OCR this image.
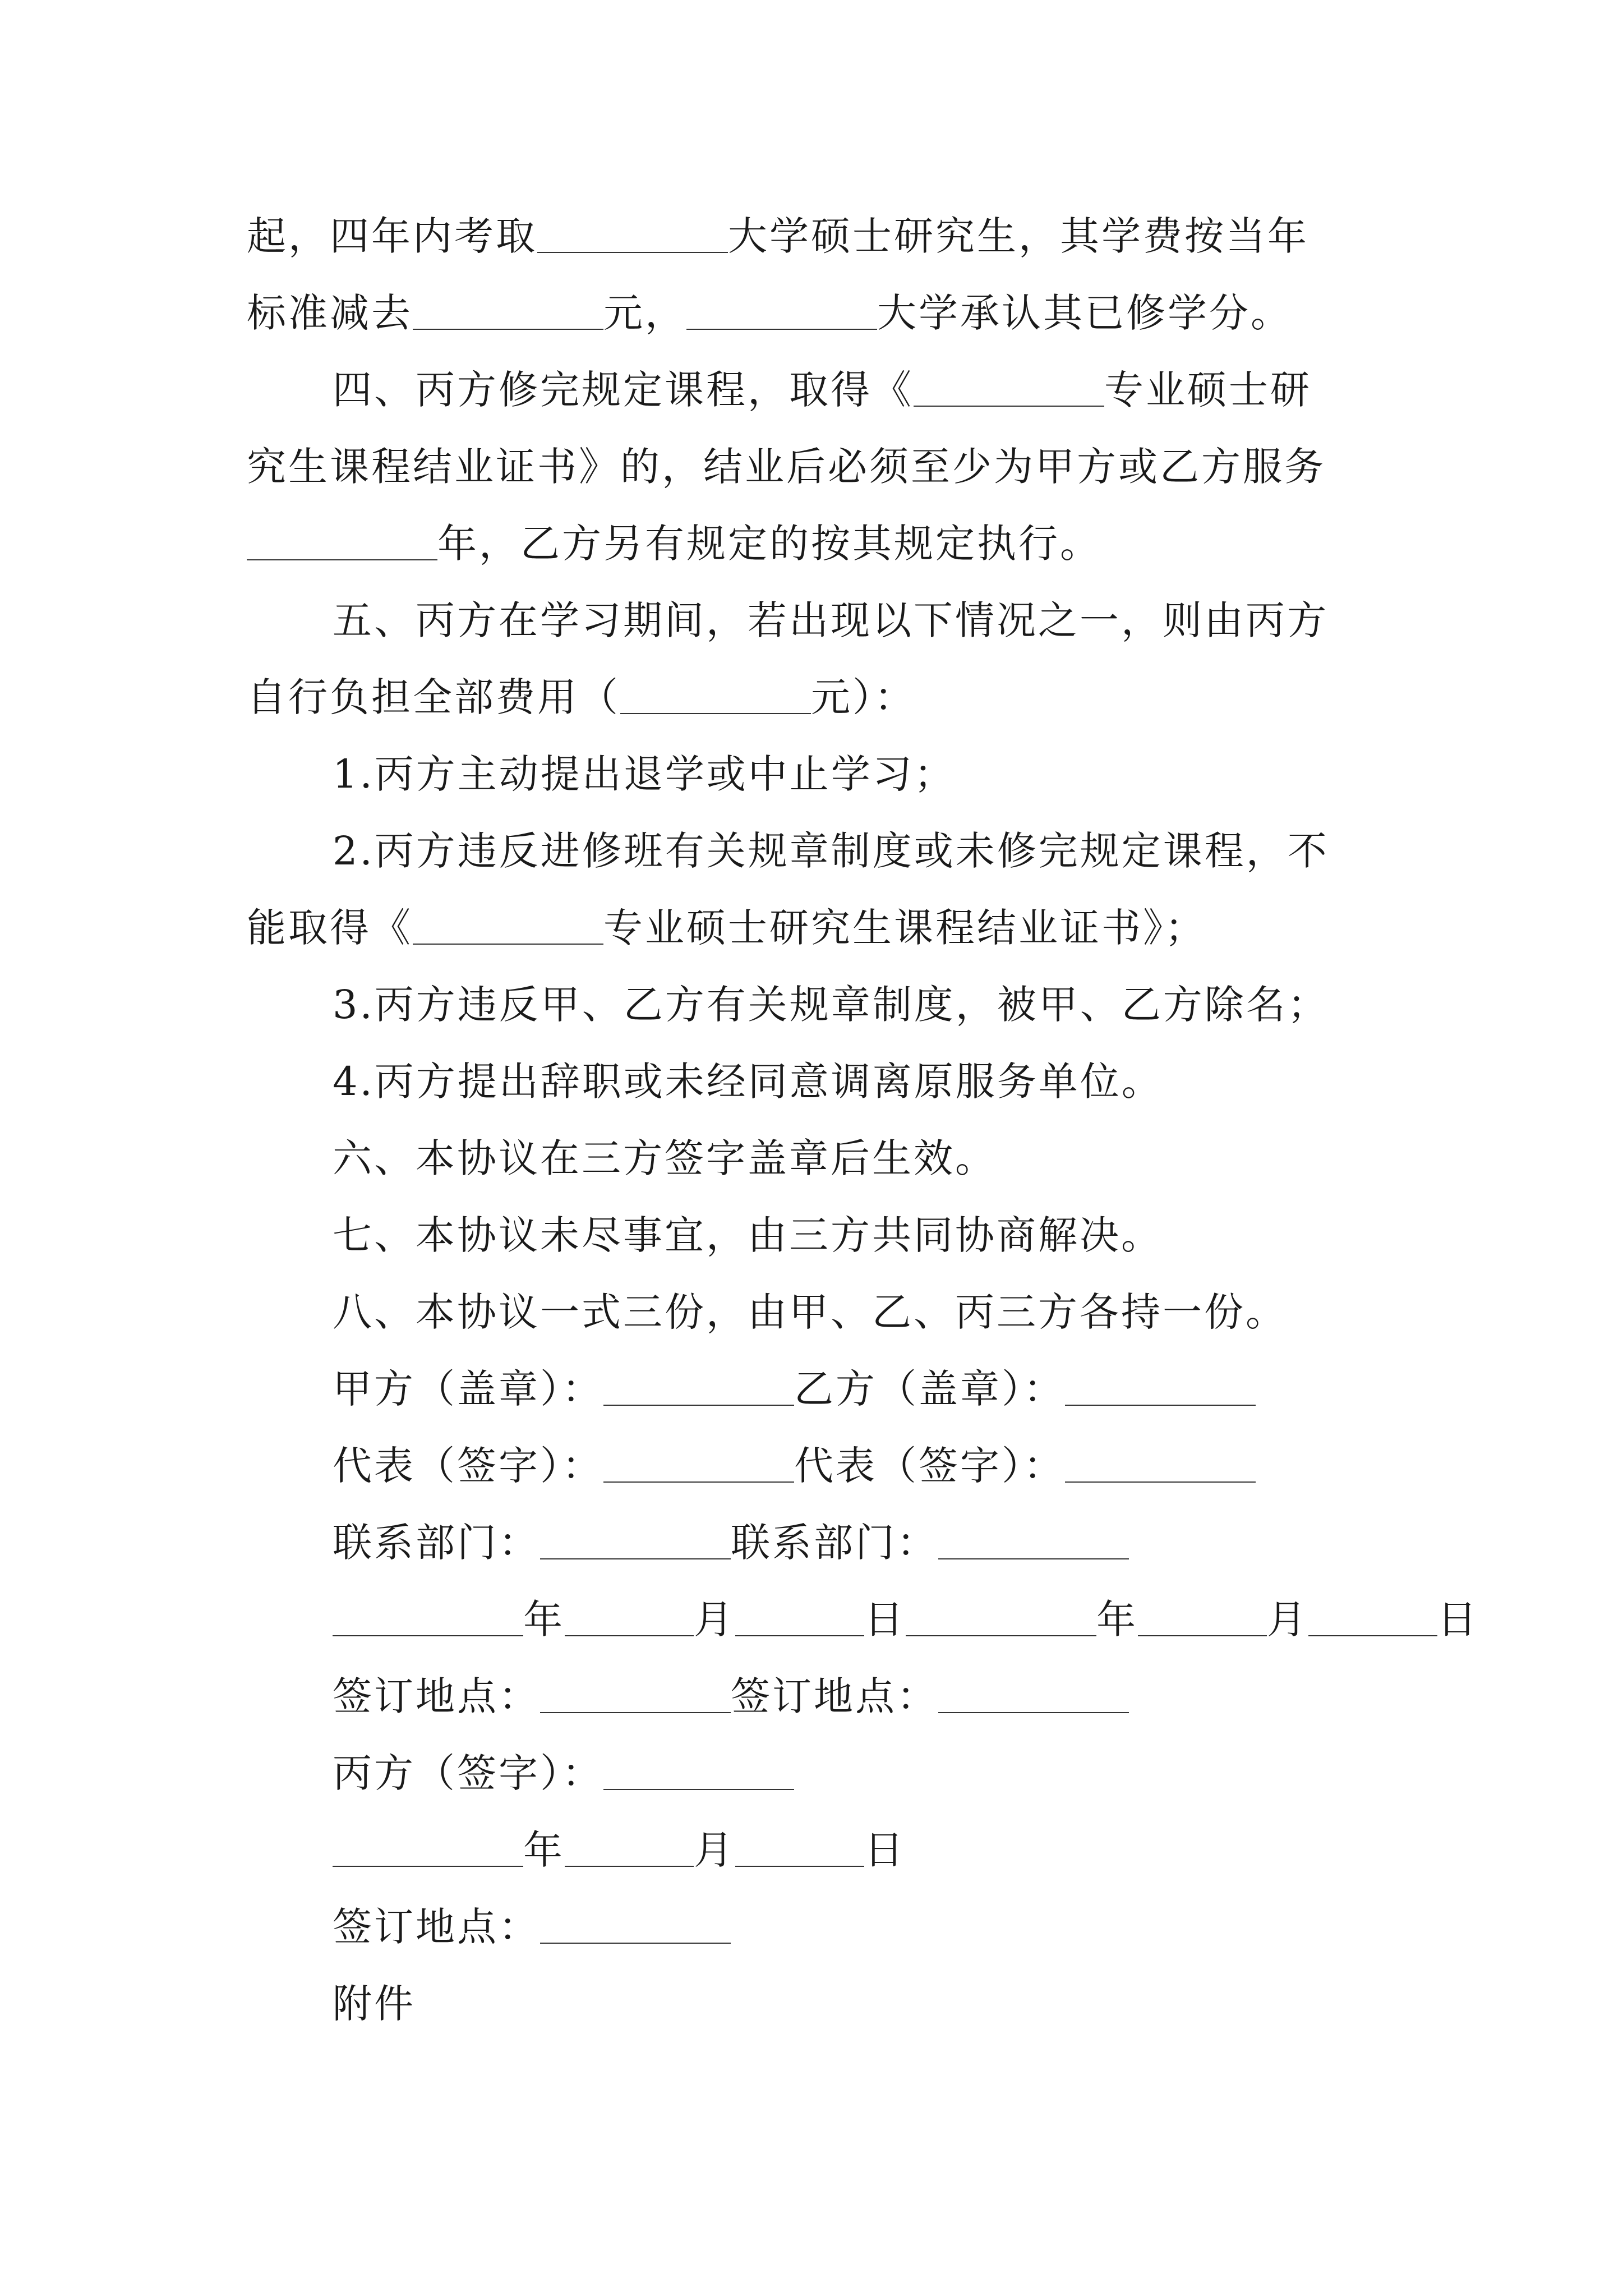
起，四年内考取	大学硕士研究生，其学费按当年
标准减去	元，	大学承认其已修学分。
四、丙方修完规定课程，取得《	专业硕士研
究生课程结业证书》的，结业后必须至少为甲方或乙方服务
年，乙方另有规定的按其规定执行。
五、丙方在学习期间，若出现以下情况之一，则由丙方
自行负担全部费用（	元）：
1.丙方主动提出退学或中止学习；
2.丙方违反进修班有关规章制度或未修完规定课程，不
能取得《	专业硕士研究生课程结业证书》；
3.丙方违反甲、乙方有关规章制度，被甲、乙方除名；
4.丙方提出辞职或未经同意调离原服务单位。
六、本协议在三方签字盖章后生效。
七、本协议未尽事宜，由三方共同协商解决。
八、本协议一式三份，由甲、乙、丙三方各持一份。
甲方（盖章）：	乙方（盖章）：
代表（签字）：	代表（签字）：
联系部门：	联系部门：
年	月	日	年	月	日
签订地点：	签订地点：
丙方（签字）：
年	月	日
签订地点：
附件
